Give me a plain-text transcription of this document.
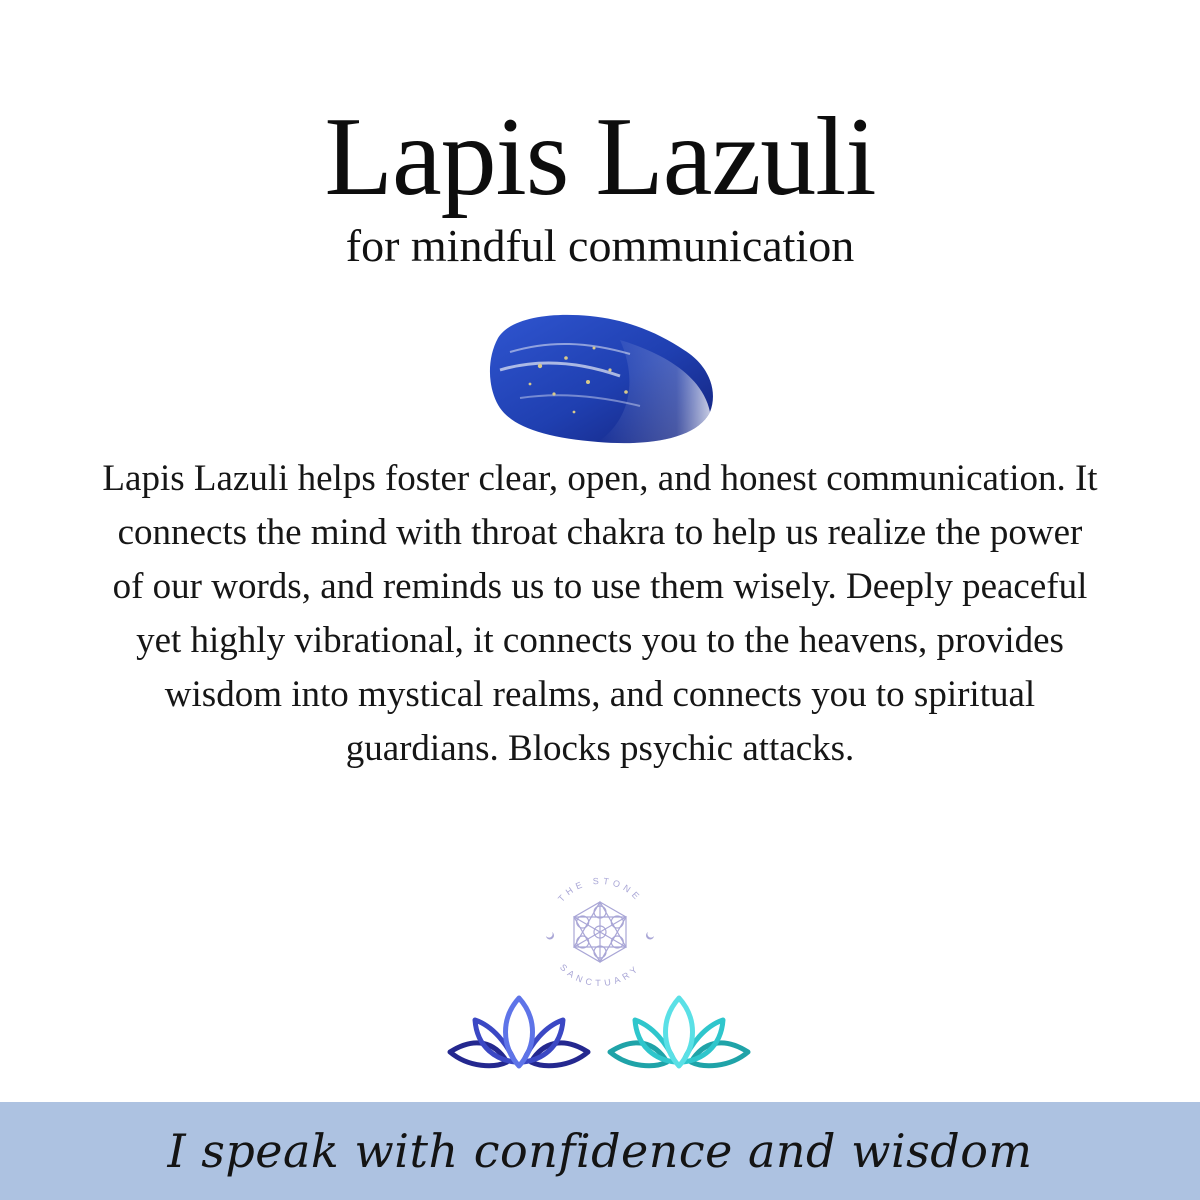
Lapis Lazuli
for mindful communication
Lapis Lazuli helps foster clear, open, and honest communication. It connects the mind with throat chakra to help us realize the power of our words, and reminds us to use them wisely. Deeply peaceful yet highly vibrational, it connects you to the heavens, provides wisdom into mystical realms, and connects you to spiritual guardians. Blocks psychic attacks.
THE STONE
SANCTUARY
I speak with confidence and wisdom
